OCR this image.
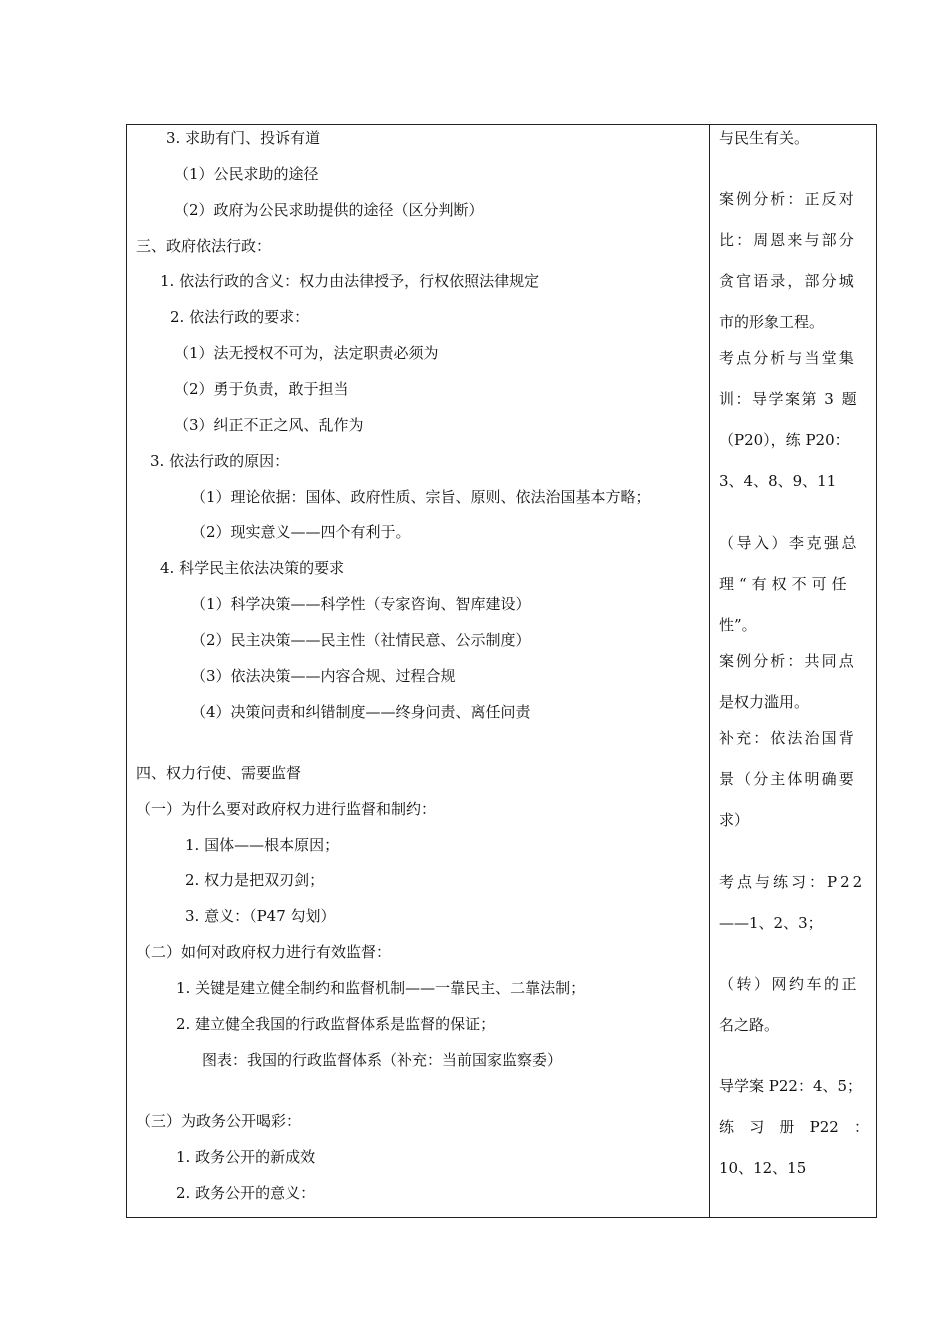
3. 求助有门、投诉有道
（1）公民求助的途径
（2）政府为公民求助提供的途径（区分判断）
三、政府依法行政：
1. 依法行政的含义：权力由法律授予，行权依照法律规定
2. 依法行政的要求：
（1）法无授权不可为，法定职责必须为
（2）勇于负责，敢于担当
（3）纠正不正之风、乱作为
3. 依法行政的原因：
（1）理论依据：国体、政府性质、宗旨、原则、依法治国基本方略；
（2）现实意义——四个有利于。
4. 科学民主依法决策的要求
（1）科学决策——科学性（专家咨询、智库建设）
（2）民主决策——民主性（社情民意、公示制度）
（3）依法决策——内容合规、过程合规
（4）决策问责和纠错制度——终身问责、离任问责
四、权力行使、需要监督
（一）为什么要对政府权力进行监督和制约：
1. 国体——根本原因；
2. 权力是把双刃剑；
3. 意义：（P47 勾划）
（二）如何对政府权力进行有效监督：
1. 关键是建立健全制约和监督机制——一靠民主、二靠法制；
2. 建立健全我国的行政监督体系是监督的保证；
图表：我国的行政监督体系（补充：当前国家监察委）
（三）为政务公开喝彩：
1. 政务公开的新成效
2. 政务公开的意义：
与民生有关。
案例分析：正反对
比：周恩来与部分
贪官语录，部分城
市的形象工程。
考点分析与当堂集
训：导学案第 3 题
（P20），练 P20：
3、4、8、9、11
（导入）李克强总
理“有权不可任
性”。
案例分析：共同点
是权力滥用。
补充：依法治国背
景（分主体明确要
求）
考点与练习：P22
——1、2、3；
（转）网约车的正
名之路。
导学案 P22：4、5；
练 习 册 P22 ：
10、12、15
